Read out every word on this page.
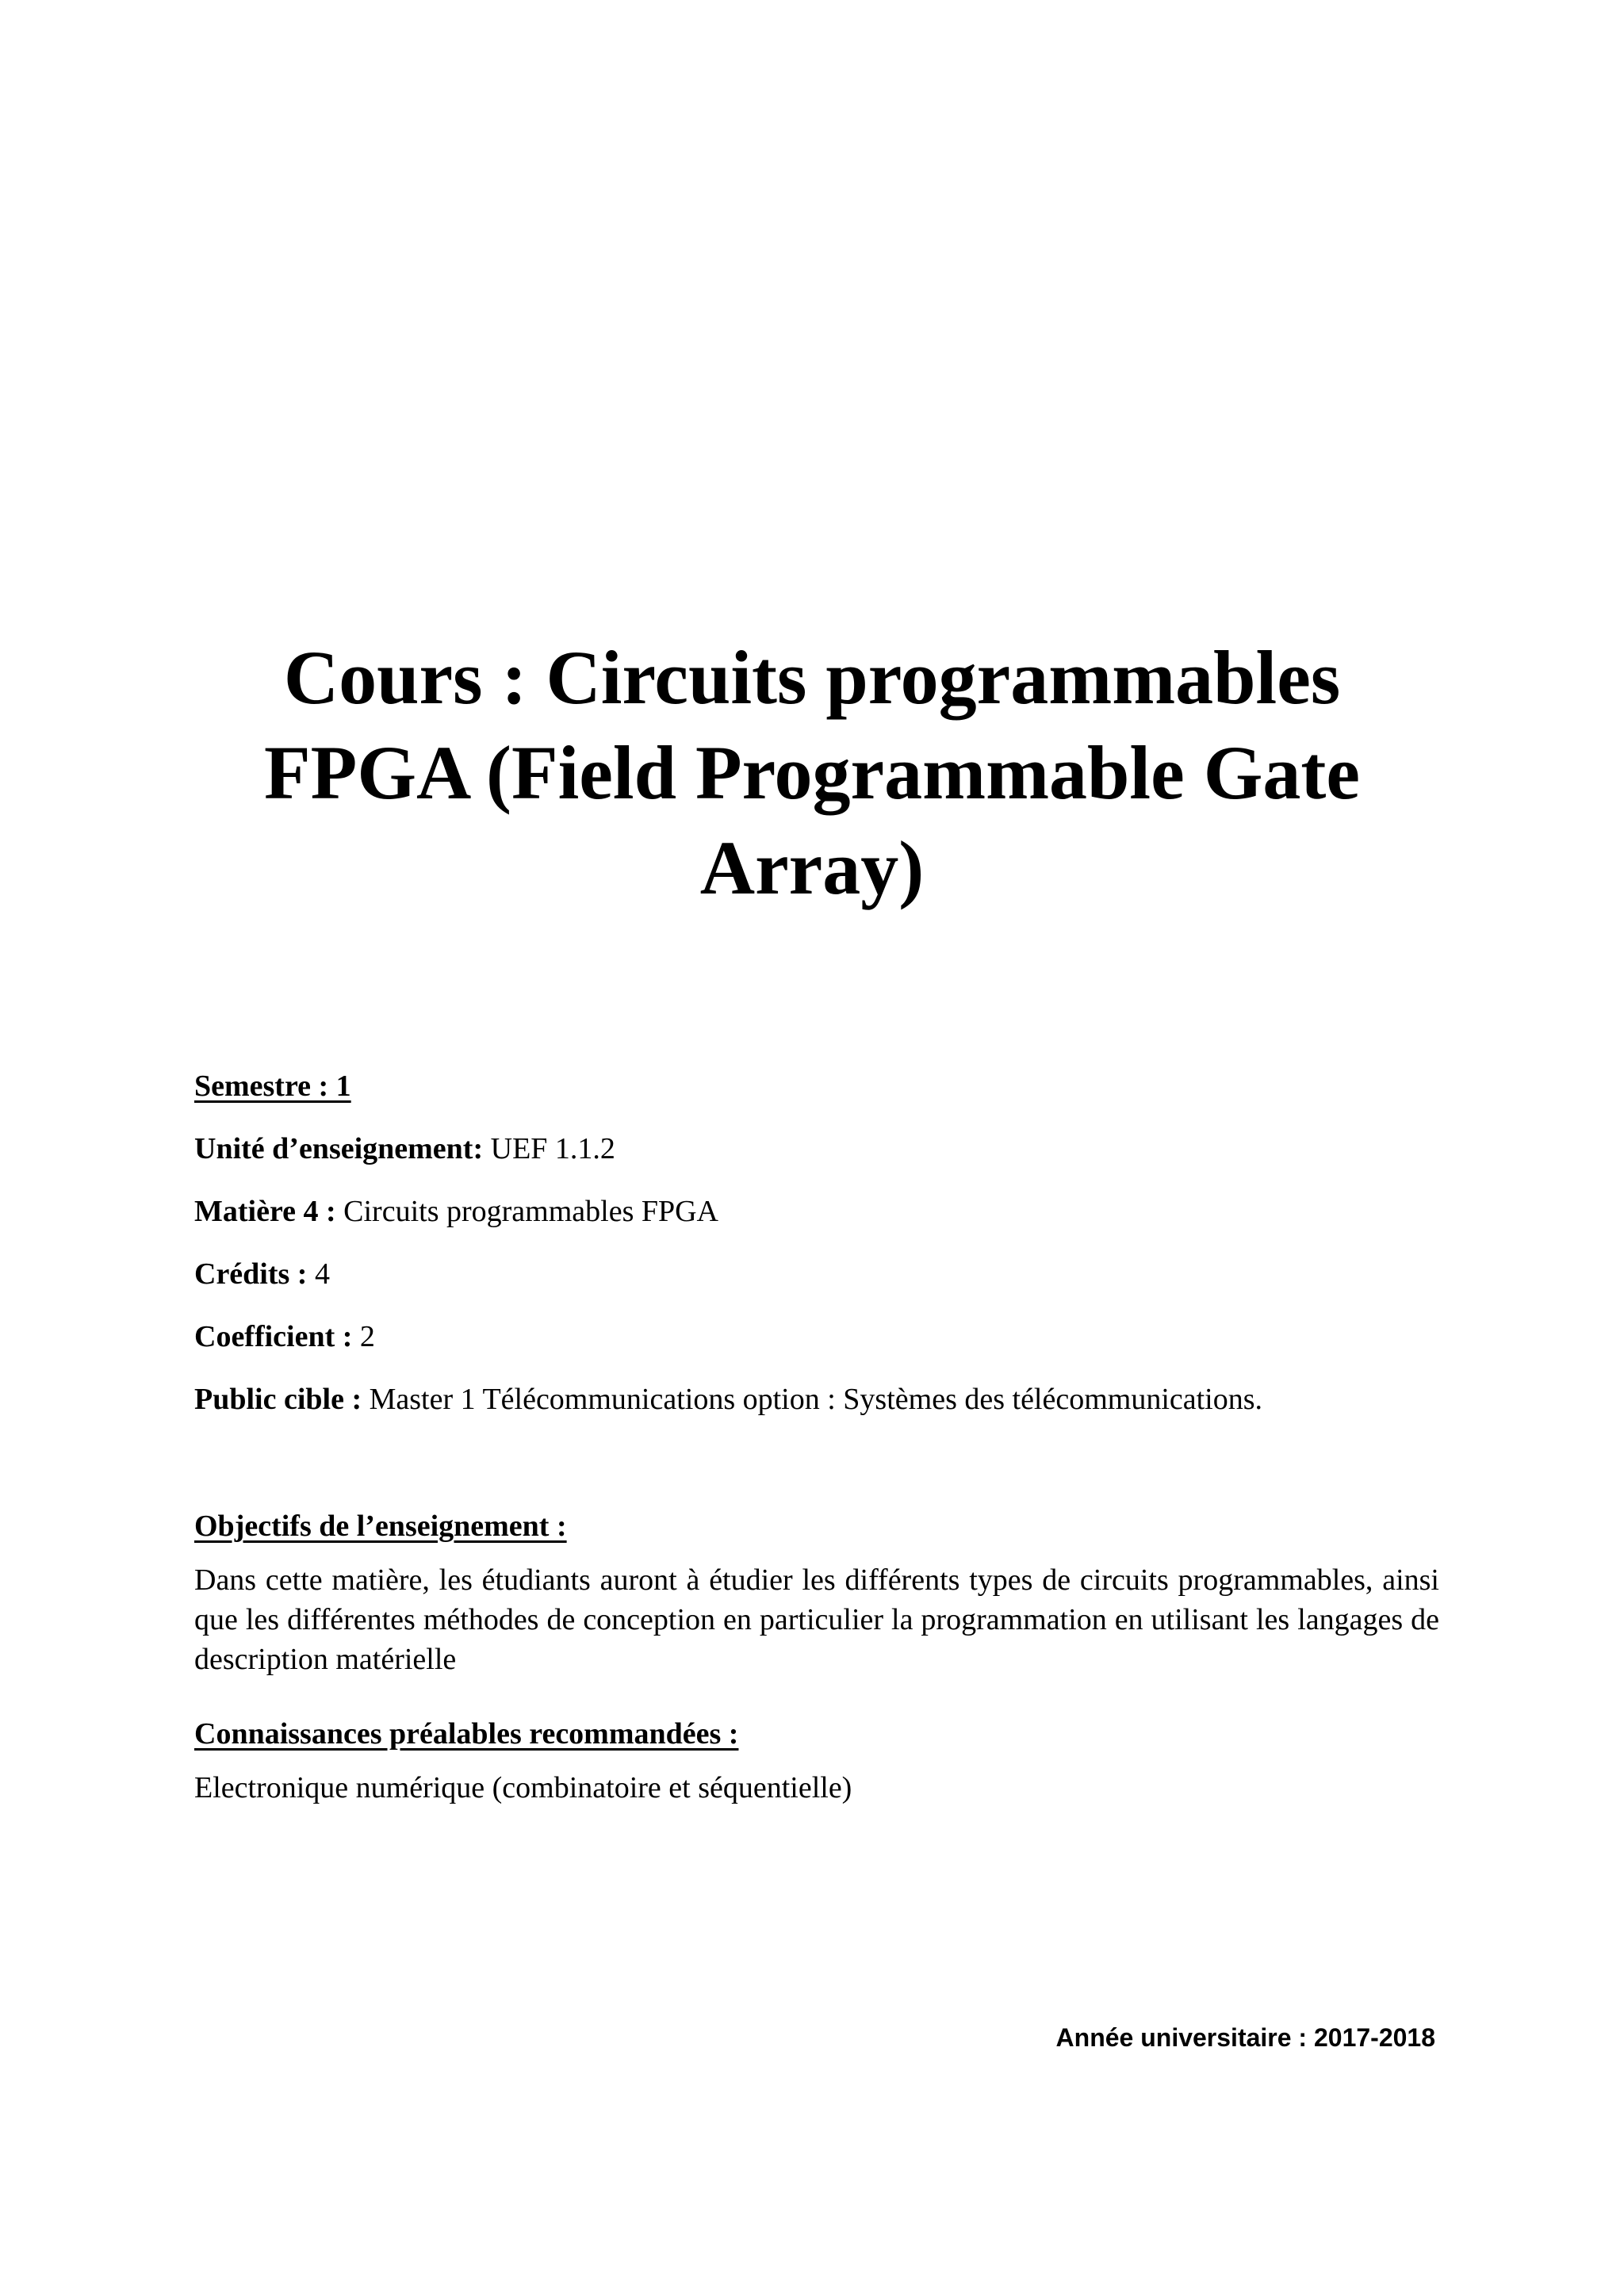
Cours : Circuits programmables
FPGA (Field Programmable Gate
Array)

Semestre : 1

Unité d’enseignement: UEF 1.1.2

Matière 4 : Circuits programmables FPGA

Crédits : 4

Coefficient : 2

Public cible : Master 1 Télécommunications option : Systèmes des télécommunications.

Objectifs de l’enseignement :

Dans cette matière, les étudiants auront à étudier les différents types de circuits programmables, ainsi que les différentes méthodes de conception en particulier la programmation en utilisant les langages de description matérielle

Connaissances préalables recommandées :

Electronique numérique (combinatoire et séquentielle)

Année universitaire : 2017-2018
